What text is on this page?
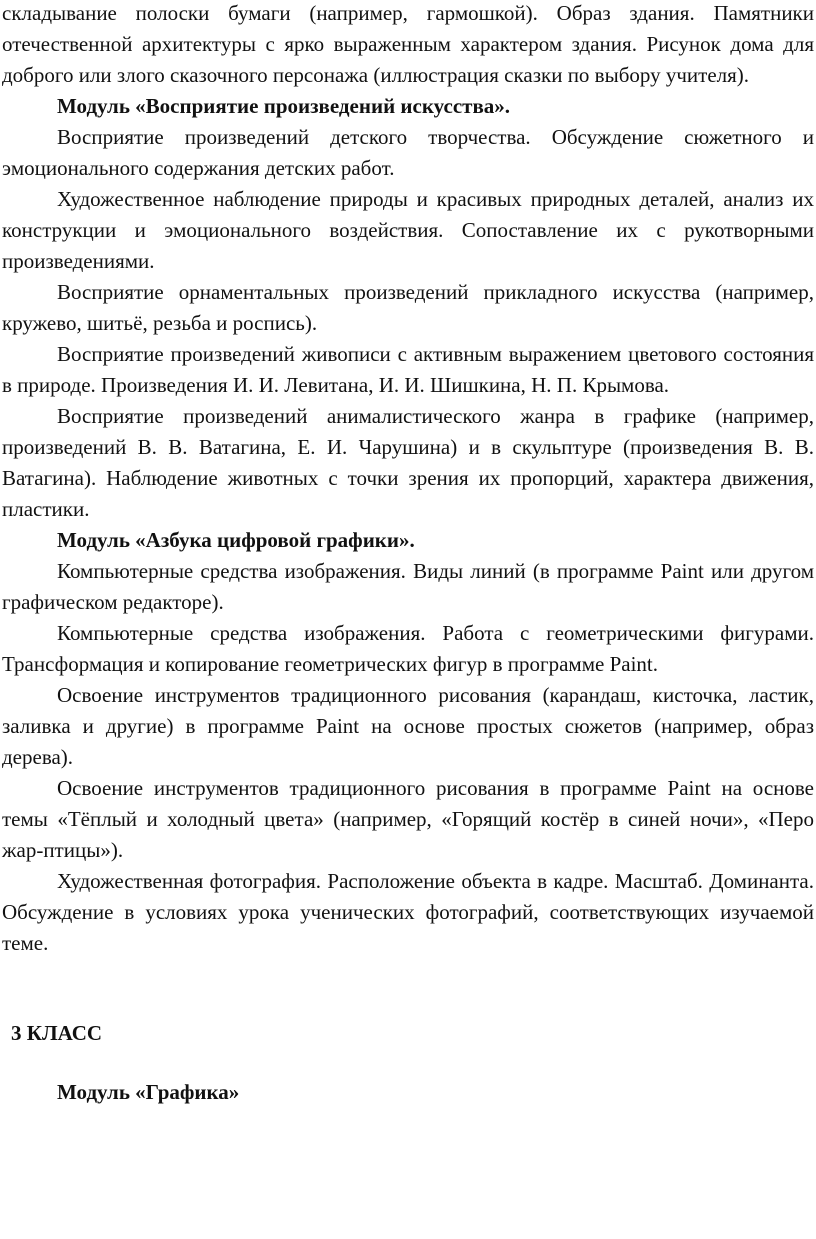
складывание полоски бумаги (например, гармошкой). Образ здания. Памятники отечественной архитектуры с ярко выраженным характером здания. Рисунок дома для доброго или злого сказочного персонажа (иллюстрация сказки по выбору учителя).

Модуль «Восприятие произведений искусства».

Восприятие произведений детского творчества. Обсуждение сюжетного и эмоционального содержания детских работ.

Художественное наблюдение природы и красивых природных деталей, анализ их конструкции и эмоционального воздействия. Сопоставление их с рукотворными произведениями.

Восприятие орнаментальных произведений прикладного искусства (например, кружево, шитьё, резьба и роспись).

Восприятие произведений живописи с активным выражением цветового состояния в природе. Произведения И. И. Левитана, И. И. Шишкина, Н. П. Крымова.

Восприятие произведений анималистического жанра в графике (например, произведений В. В. Ватагина, Е. И. Чарушина) и в скульптуре (произведения В. В. Ватагина). Наблюдение животных с точки зрения их пропорций, характера движения, пластики.

Модуль «Азбука цифровой графики».

Компьютерные средства изображения. Виды линий (в программе Paint или другом графическом редакторе).

Компьютерные средства изображения. Работа с геометрическими фигурами. Трансформация и копирование геометрических фигур в программе Paint.

Освоение инструментов традиционного рисования (карандаш, кисточка, ластик, заливка и другие) в программе Paint на основе простых сюжетов (например, образ дерева).

Освоение инструментов традиционного рисования в программе Paint на основе темы «Тёплый и холодный цвета» (например, «Горящий костёр в синей ночи», «Перо жар-птицы»).

Художественная фотография. Расположение объекта в кадре. Масштаб. Доминанта. Обсуждение в условиях урока ученических фотографий, соответствующих изучаемой теме.

3 КЛАСС

Модуль «Графика»
